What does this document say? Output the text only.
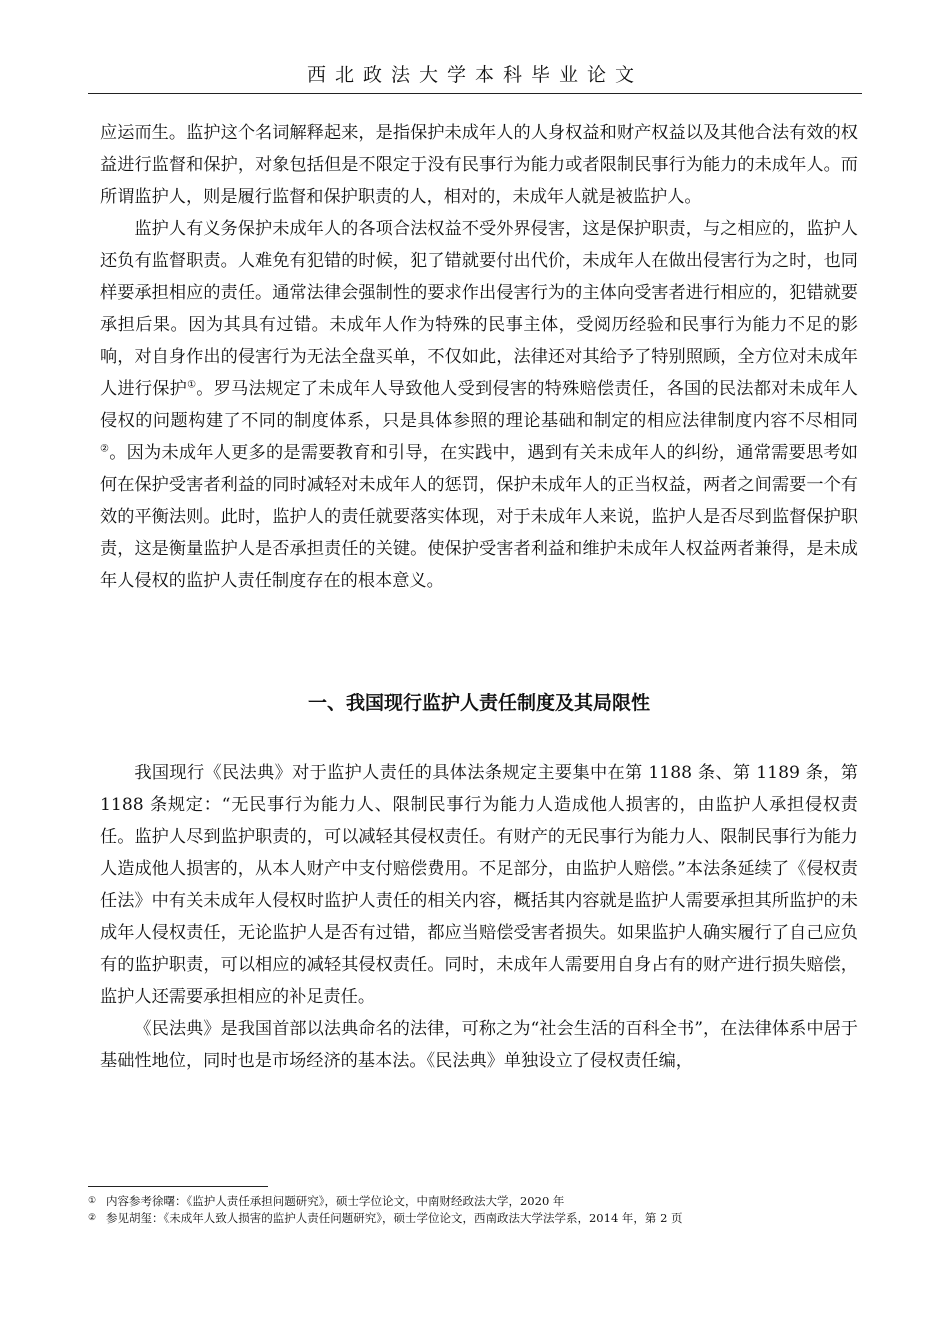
西北政法大学本科毕业论文

应运而生。监护这个名词解释起来，是指保护未成年人的人身权益和财产权益以及其他合法有效的权益进行监督和保护，对象包括但是不限定于没有民事行为能力或者限制民事行为能力的未成年人。而所谓监护人，则是履行监督和保护职责的人，相对的，未成年人就是被监护人。

监护人有义务保护未成年人的各项合法权益不受外界侵害，这是保护职责，与之相应的，监护人还负有监督职责。人难免有犯错的时候，犯了错就要付出代价，未成年人在做出侵害行为之时，也同样要承担相应的责任。通常法律会强制性的要求作出侵害行为的主体向受害者进行相应的，犯错就要承担后果。因为其具有过错。未成年人作为特殊的民事主体，受阅历经验和民事行为能力不足的影响，对自身作出的侵害行为无法全盘买单，不仅如此，法律还对其给予了特别照顾，全方位对未成年人进行保护①。罗马法规定了未成年人导致他人受到侵害的特殊赔偿责任，各国的民法都对未成年人侵权的问题构建了不同的制度体系，只是具体参照的理论基础和制定的相应法律制度内容不尽相同②。因为未成年人更多的是需要教育和引导，在实践中，遇到有关未成年人的纠纷，通常需要思考如何在保护受害者利益的同时减轻对未成年人的惩罚，保护未成年人的正当权益，两者之间需要一个有效的平衡法则。此时，监护人的责任就要落实体现，对于未成年人来说，监护人是否尽到监督保护职责，这是衡量监护人是否承担责任的关键。使保护受害者利益和维护未成年人权益两者兼得，是未成年人侵权的监护人责任制度存在的根本意义。

一、我国现行监护人责任制度及其局限性

我国现行《民法典》对于监护人责任的具体法条规定主要集中在第 1188 条、第 1189 条，第 1188 条规定：“无民事行为能力人、限制民事行为能力人造成他人损害的，由监护人承担侵权责任。监护人尽到监护职责的，可以减轻其侵权责任。有财产的无民事行为能力人、限制民事行为能力人造成他人损害的，从本人财产中支付赔偿费用。不足部分，由监护人赔偿。”本法条延续了《侵权责任法》中有关未成年人侵权时监护人责任的相关内容，概括其内容就是监护人需要承担其所监护的未成年人侵权责任，无论监护人是否有过错，都应当赔偿受害者损失。如果监护人确实履行了自己应负有的监护职责，可以相应的减轻其侵权责任。同时，未成年人需要用自身占有的财产进行损失赔偿，监护人还需要承担相应的补足责任。

《民法典》是我国首部以法典命名的法律，可称之为“社会生活的百科全书”，在法律体系中居于基础性地位，同时也是市场经济的基本法。《民法典》单独设立了侵权责任编，

① 内容参考徐曙：《监护人责任承担问题研究》，硕士学位论文，中南财经政法大学，2020 年
② 参见胡玺：《未成年人致人损害的监护人责任问题研究》，硕士学位论文，西南政法大学法学系，2014 年，第 2 页
